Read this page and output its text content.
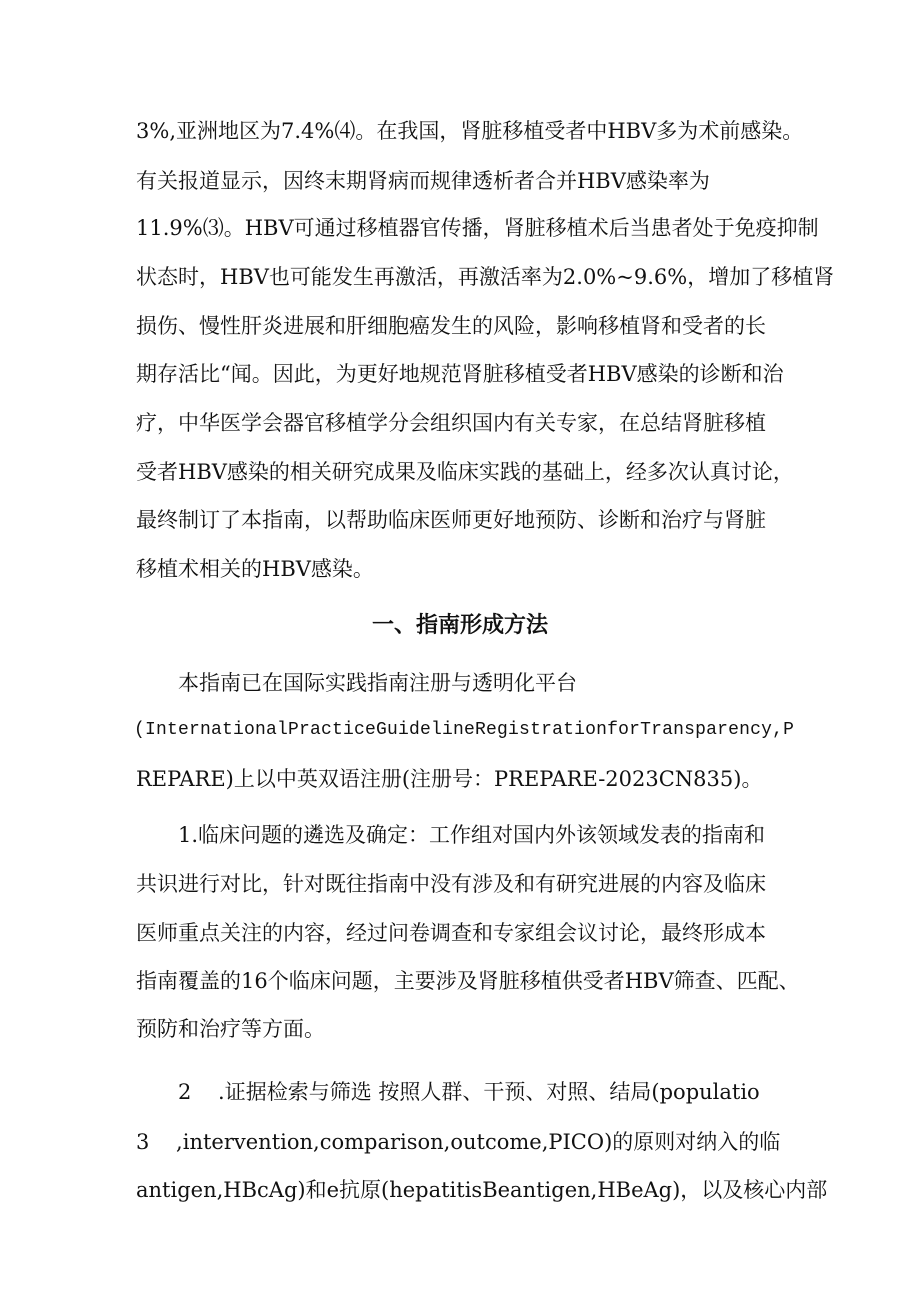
3%,亚洲地区为7.4%⑷。在我国，肾脏移植受者中HBV多为术前感染。

有关报道显示，因终末期肾病而规律透析者合并HBV感染率为

11.9%⑶。HBV可通过移植器官传播，肾脏移植术后当患者处于免疫抑制

状态时，HBV也可能发生再激活，再激活率为2.0%~9.6%，增加了移植肾

损伤、慢性肝炎进展和肝细胞癌发生的风险，影响移植肾和受者的长

期存活比“闻。因此，为更好地规范肾脏移植受者HBV感染的诊断和治

疗，中华医学会器官移植学分会组织国内有关专家，在总结肾脏移植

受者HBV感染的相关研究成果及临床实践的基础上，经多次认真讨论，

最终制订了本指南，以帮助临床医师更好地预防、诊断和治疗与肾脏

移植术相关的HBV感染。

一、指南形成方法

本指南已在国际实践指南注册与透明化平台

(InternationalPracticeGuidelineRegistrationforTransparency,P

REPARE)上以中英双语注册(注册号：PREPARE-2023CN835)。

1.临床问题的遴选及确定：工作组对国内外该领域发表的指南和

共识进行对比，针对既往指南中没有涉及和有研究进展的内容及临床

医师重点关注的内容，经过问卷调查和专家组会议讨论，最终形成本

指南覆盖的16个临床问题，主要涉及肾脏移植供受者HBV筛查、匹配、

预防和治疗等方面。

2    .证据检索与筛选 按照人群、干预、对照、结局(populatio

3    ,intervention,comparison,outcome,PICO)的原则对纳入的临

antigen,HBcAg)和e抗原(hepatitisBeantigen,HBeAg)，以及核心内部
